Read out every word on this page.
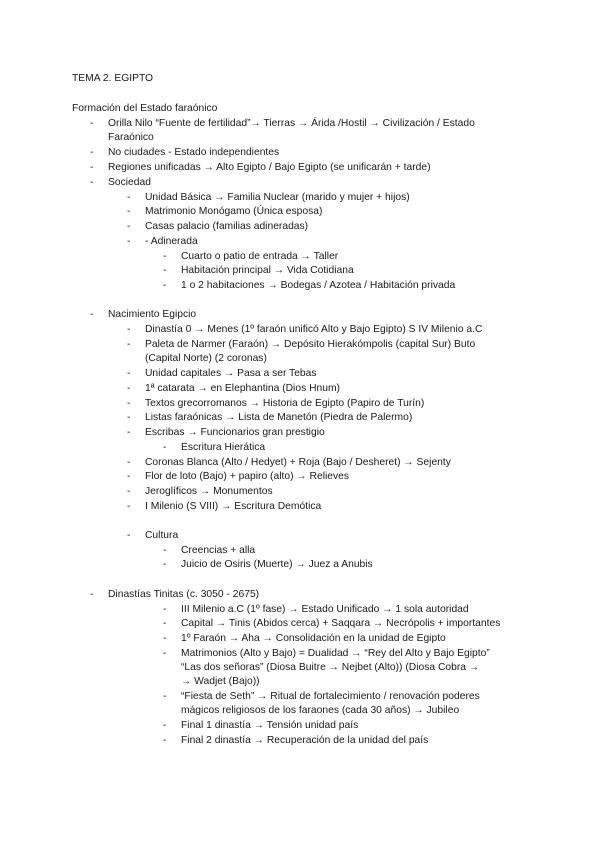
TEMA 2. EGIPTO
Formación del Estado faraónico
- Orilla Nilo “Fuente de fertilidad”→ Tierras → Árida /Hostil → Civilización / Estado
Faraónico
- No ciudades - Estado independientes
- Regiones unificadas → Alto Egipto / Bajo Egipto (se unificarán + tarde)
- Sociedad
- Unidad Básica → Familia Nuclear (marido y mujer + hijos)
- Matrimonio Monógamo (Única esposa)
- Casas palacio (familias adineradas)
- - Adinerada
- Cuarto o patio de entrada → Taller
- Habitación principal → Vida Cotidiana
- 1 o 2 habitaciones → Bodegas / Azotea / Habitación privada
- Nacimiento Egipcio
- Dinastía 0 → Menes (1º faraón unificó Alto y Bajo Egipto) S IV Milenio a.C
- Paleta de Narmer (Faraón) → Depósito Hierakómpolis (capital Sur) Buto
(Capital Norte) (2 coronas)
- Unidad capitales → Pasa a ser Tebas
- 1ª catarata → en Elephantina (Dios Hnum)
- Textos grecorromanos → Historia de Egipto (Papiro de Turín)
- Listas faraónicas → Lista de Manetón (Piedra de Palermo)
- Escribas → Funcionarios gran prestigio
- Escritura Hierática
- Coronas Blanca (Alto / Hedyet) + Roja (Bajo / Desheret) → Sejenty
- Flor de loto (Bajo) + papiro (alto) → Relieves
- Jeroglíficos → Monumentos
- I Milenio (S VIII) → Escritura Demótica
- Cultura
- Creencias + alla
- Juicio de Osiris (Muerte) → Juez a Anubis
- Dinastías Tinitas (c. 3050 - 2675)
- III Milenio a.C (1º fase) → Estado Unificado → 1 sola autoridad
- Capital → Tinis (Abidos cerca) + Saqqara → Necrópolis + importantes
- 1º Faraón → Aha → Consolidación en la unidad de Egipto
- Matrimonios (Alto y Bajo) = Dualidad → “Rey del Alto y Bajo Egipto”
“Las dos señoras” (Diosa Buitre → Nejbet (Alto)) (Diosa Cobra →
→ Wadjet (Bajo))
- “Fiesta de Seth” → Ritual de fortalecimiento / renovación poderes
mágicos religiosos de los faraones (cada 30 años) → Jubileo
- Final 1 dinastía → Tensión unidad país
- Final 2 dinastía → Recuperación de la unidad del país
